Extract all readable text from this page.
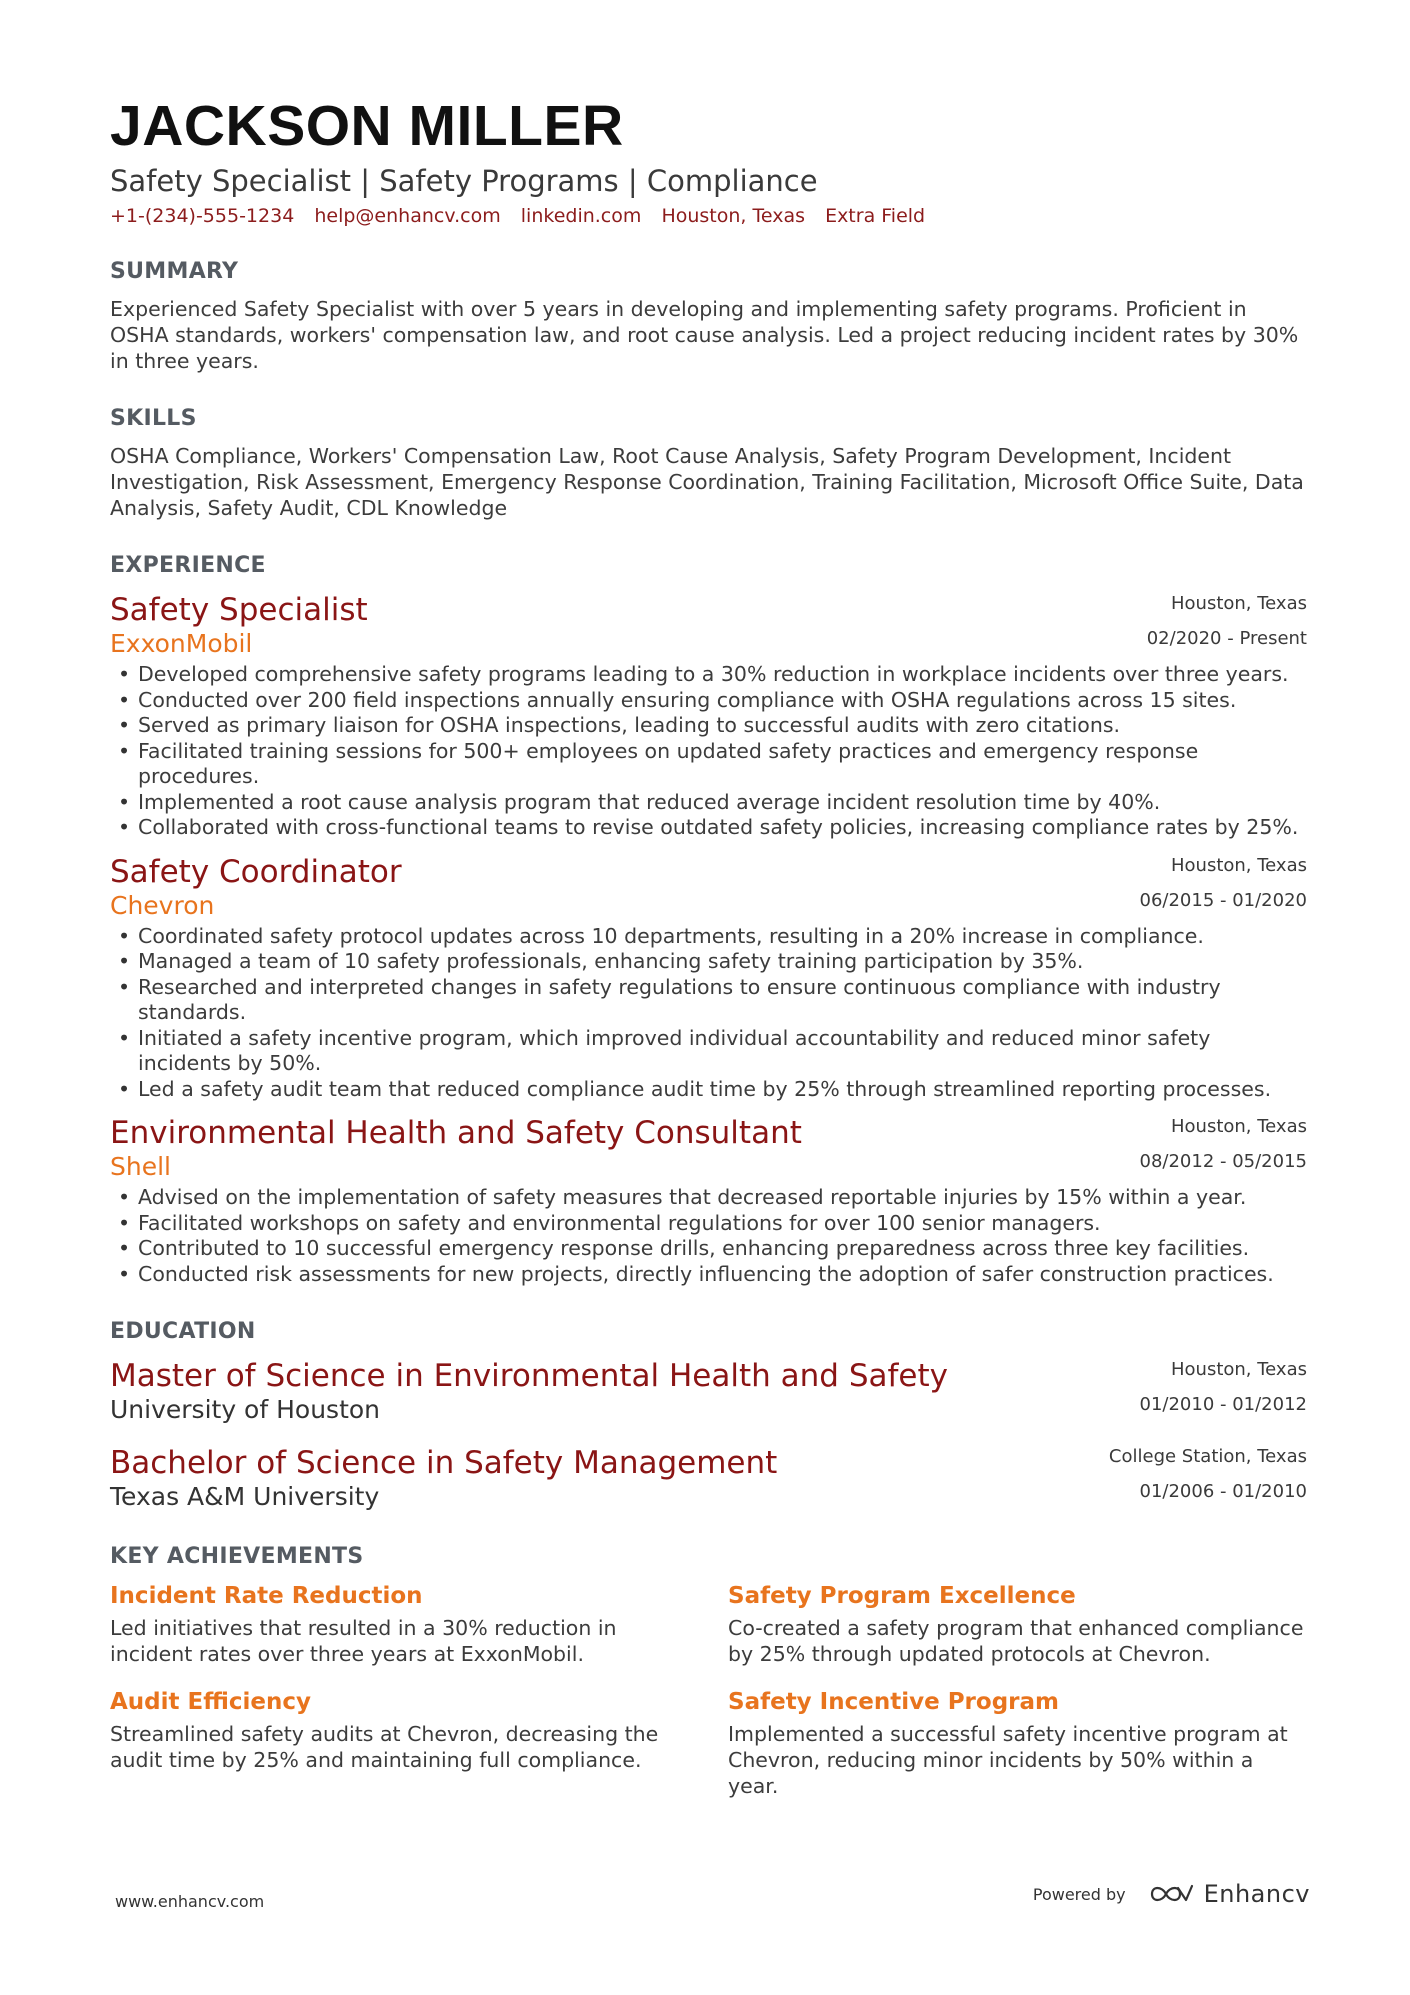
JACKSON MILLER
Safety Specialist | Safety Programs | Compliance
+1-(234)-555-1234 help@enhancv.com linkedin.com Houston, Texas Extra Field
SUMMARY
Experienced Safety Specialist with over 5 years in developing and implementing safety programs. Proficient in OSHA standards, workers' compensation law, and root cause analysis. Led a project reducing incident rates by 30% in three years.
SKILLS
OSHA Compliance, Workers' Compensation Law, Root Cause Analysis, Safety Program Development, Incident Investigation, Risk Assessment, Emergency Response Coordination, Training Facilitation, Microsoft Office Suite, Data Analysis, Safety Audit, CDL Knowledge
EXPERIENCE
Houston, Texas
02/2020 - Present
Safety Specialist
ExxonMobil
• Developed comprehensive safety programs leading to a 30% reduction in workplace incidents over three years.
• Conducted over 200 field inspections annually ensuring compliance with OSHA regulations across 15 sites.
• Served as primary liaison for OSHA inspections, leading to successful audits with zero citations.
• Facilitated training sessions for 500+ employees on updated safety practices and emergency response procedures.
• Implemented a root cause analysis program that reduced average incident resolution time by 40%.
• Collaborated with cross-functional teams to revise outdated safety policies, increasing compliance rates by 25%.
Houston, Texas
06/2015 - 01/2020
Safety Coordinator
Chevron
• Coordinated safety protocol updates across 10 departments, resulting in a 20% increase in compliance.
• Managed a team of 10 safety professionals, enhancing safety training participation by 35%.
• Researched and interpreted changes in safety regulations to ensure continuous compliance with industry standards.
• Initiated a safety incentive program, which improved individual accountability and reduced minor safety incidents by 50%.
• Led a safety audit team that reduced compliance audit time by 25% through streamlined reporting processes.
Houston, Texas
08/2012 - 05/2015
Environmental Health and Safety Consultant
Shell
• Advised on the implementation of safety measures that decreased reportable injuries by 15% within a year.
• Facilitated workshops on safety and environmental regulations for over 100 senior managers.
• Contributed to 10 successful emergency response drills, enhancing preparedness across three key facilities.
• Conducted risk assessments for new projects, directly influencing the adoption of safer construction practices.
EDUCATION
Houston, Texas
01/2010 - 01/2012
Master of Science in Environmental Health and Safety
University of Houston
College Station, Texas
01/2006 - 01/2010
Bachelor of Science in Safety Management
Texas A&M University
KEY ACHIEVEMENTS
Incident Rate Reduction
Led initiatives that resulted in a 30% reduction in incident rates over three years at ExxonMobil.
Safety Program Excellence
Co-created a safety program that enhanced compliance by 25% through updated protocols at Chevron.
Audit Efficiency
Streamlined safety audits at Chevron, decreasing the audit time by 25% and maintaining full compliance.
Safety Incentive Program
Implemented a successful safety incentive program at Chevron, reducing minor incidents by 50% within a year.
www.enhancv.com	Powered by	Enhancv
